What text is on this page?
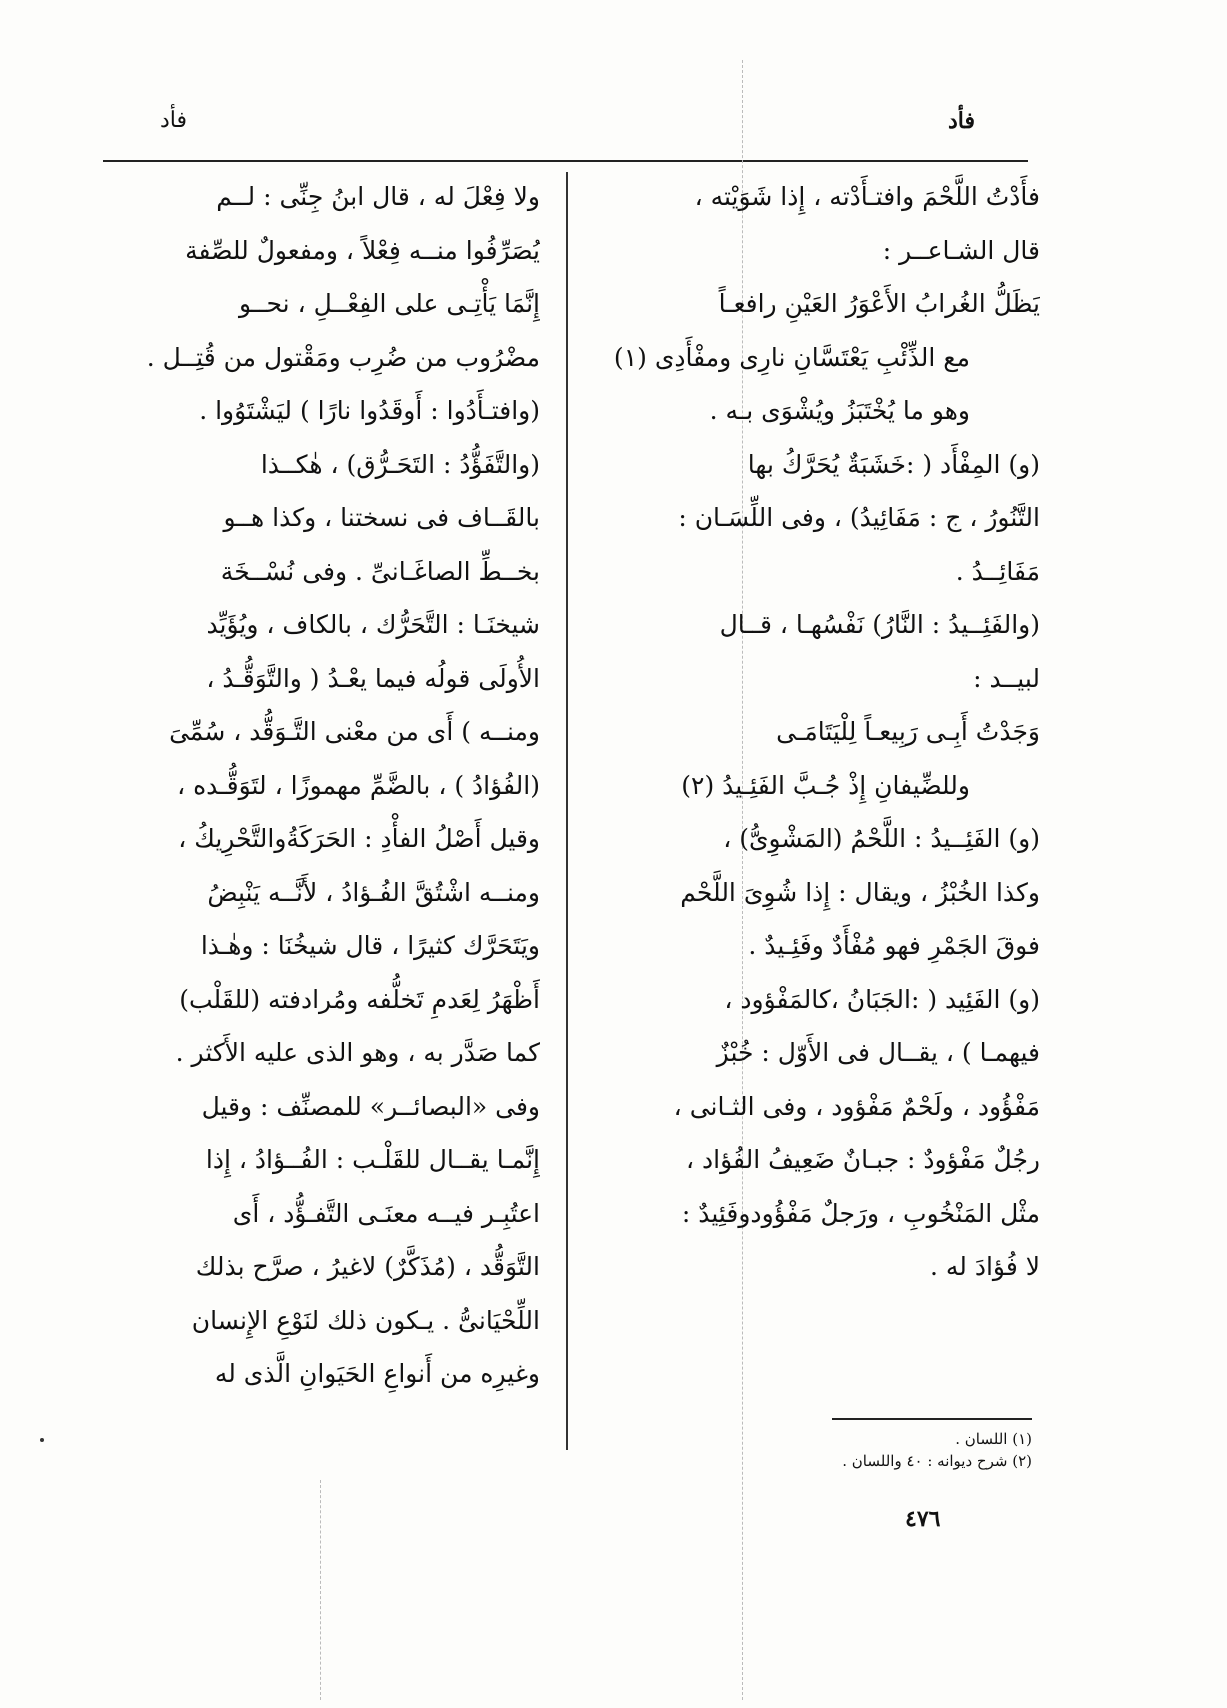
فأد
فأد
فأَدْتُ اللَّحْمَ وافتـأَدْته ، إِذا شَوَيْته ،
قال الشـاعــر :
يَظَلُّ الغُرابُ الأَعْوَرُ العَيْنِ رافعـاً
مع الذِّئْبِ يَعْتَسَّانِ نارِى ومفْأَدِى (١)
وهو ما يُخْتَبَزُ ويُشْوَى بـه .
(و) المِفْأَد ( :خَشَبَةٌ يُحَرَّكُ بها
التَّنُورُ ، ج : مَفَائِيدُ) ، وفى اللِّسَـان :
مَفَائِــدُ .
(والفَئِــيدُ : النَّارُ) نَفْسُهـا ، قــال
لبيــد :
وَجَدْتُ أَبِـى رَبِيعـاً لِلْيَتَامَـى
وللضِّيفانِ إِذْ جُـبَّ الفَئِـيدُ (٢)
(و) الفَئِــيدُ : اللَّحْمُ (المَشْوِىُّ) ،
وكذا الخُبْزُ ، ويقال : إِذا شُوِىَ اللَّحْم
فوقَ الجَمْرِ فهو مُفْأَدٌ وفَئِـيدٌ .
(و) الفَئِيد ( :الجَبَانُ ،كالمَفْؤود ،
فيهمـا ) ، يقــال فى الأَوّل : خُبْزٌ
مَفْؤُود ، ولَحْمٌ مَفْؤود ، وفى الثـانى ،
رجُلٌ مَفْؤودٌ : جبـانٌ ضَعِيفُ الفُؤاد ،
مثْل المَنْخُوبِ ، ورَجلٌ مَفْؤُودوفَئِيدٌ :
لا فُؤادَ له .
ولا فِعْلَ له ، قال ابنُ جِنِّى : لــم
يُصَرِّفُوا منــه فِعْلاً ، ومفعولٌ للصِّفة
إِنَّمَا يَأْتِـى على الفِعْــلِ ، نحــو
مضْرُوب من ضُرِب ومَقْتول من قُتِــل .
(وافتـأَدُوا : أَوقَدُوا نارًا ) ليَشْتَوُوا .
(والتَّفَؤُّدُ : التَحَـرُّق) ، هٰكــذا
بالقَــاف فى نسختنا ، وكذا هــو
بخــطِّ الصاغَـانىِّ . وفى نُسْــخَة
شيخنَـا : التَّحَرُّك ، بالكاف ، ويُؤَيِّد
الأُولَى قولُه فيما يعْـدُ ( والتَّوَقُّـدُ ،
ومنــه ) أَى من معْنى التَّـوَقُّد ، سُمِّىَ
(الفُؤادُ ) ، بالضَّمِّ مهموزًا ، لتَوَقُّـده ،
وقيل أَصْلُ الفأْدِ : الحَرَكَةُوالتَّحْرِيكُ ،
ومنــه اشْتُقَّ الفُـؤادُ ، لأَنَّــه يَنْبِضُ
ويَتَحَرَّك كثيرًا ، قال شيخُنَا : وهٰـذا
أَظْهَرُ لِعَدمِ تَخلُّفه ومُرادفته (للقَلْب)
كما صَدَّر به ، وهو الذى عليه الأَكثر .
وفى «البصائــر» للمصنِّف : وقيل
إِنَّمـا يقــال للقَلْـب : الفُــؤادُ ، إِذا
اعتُبِـر فيــه معنَـى التَّفـؤُّد ، أَى
التَّوَقُّد ، (مُذَكَّرٌ) لاغيرُ ، صرَّح بذلك
اللِّحْيَانىُّ . يـكون ذلك لنَوْعِ الإِنسان
وغيرِه من أَنواعِ الحَيَوانِ الَّذى له
(١) اللسان .
(٢) شرح ديوانه : ٤٠ واللسان .
٤٧٦
